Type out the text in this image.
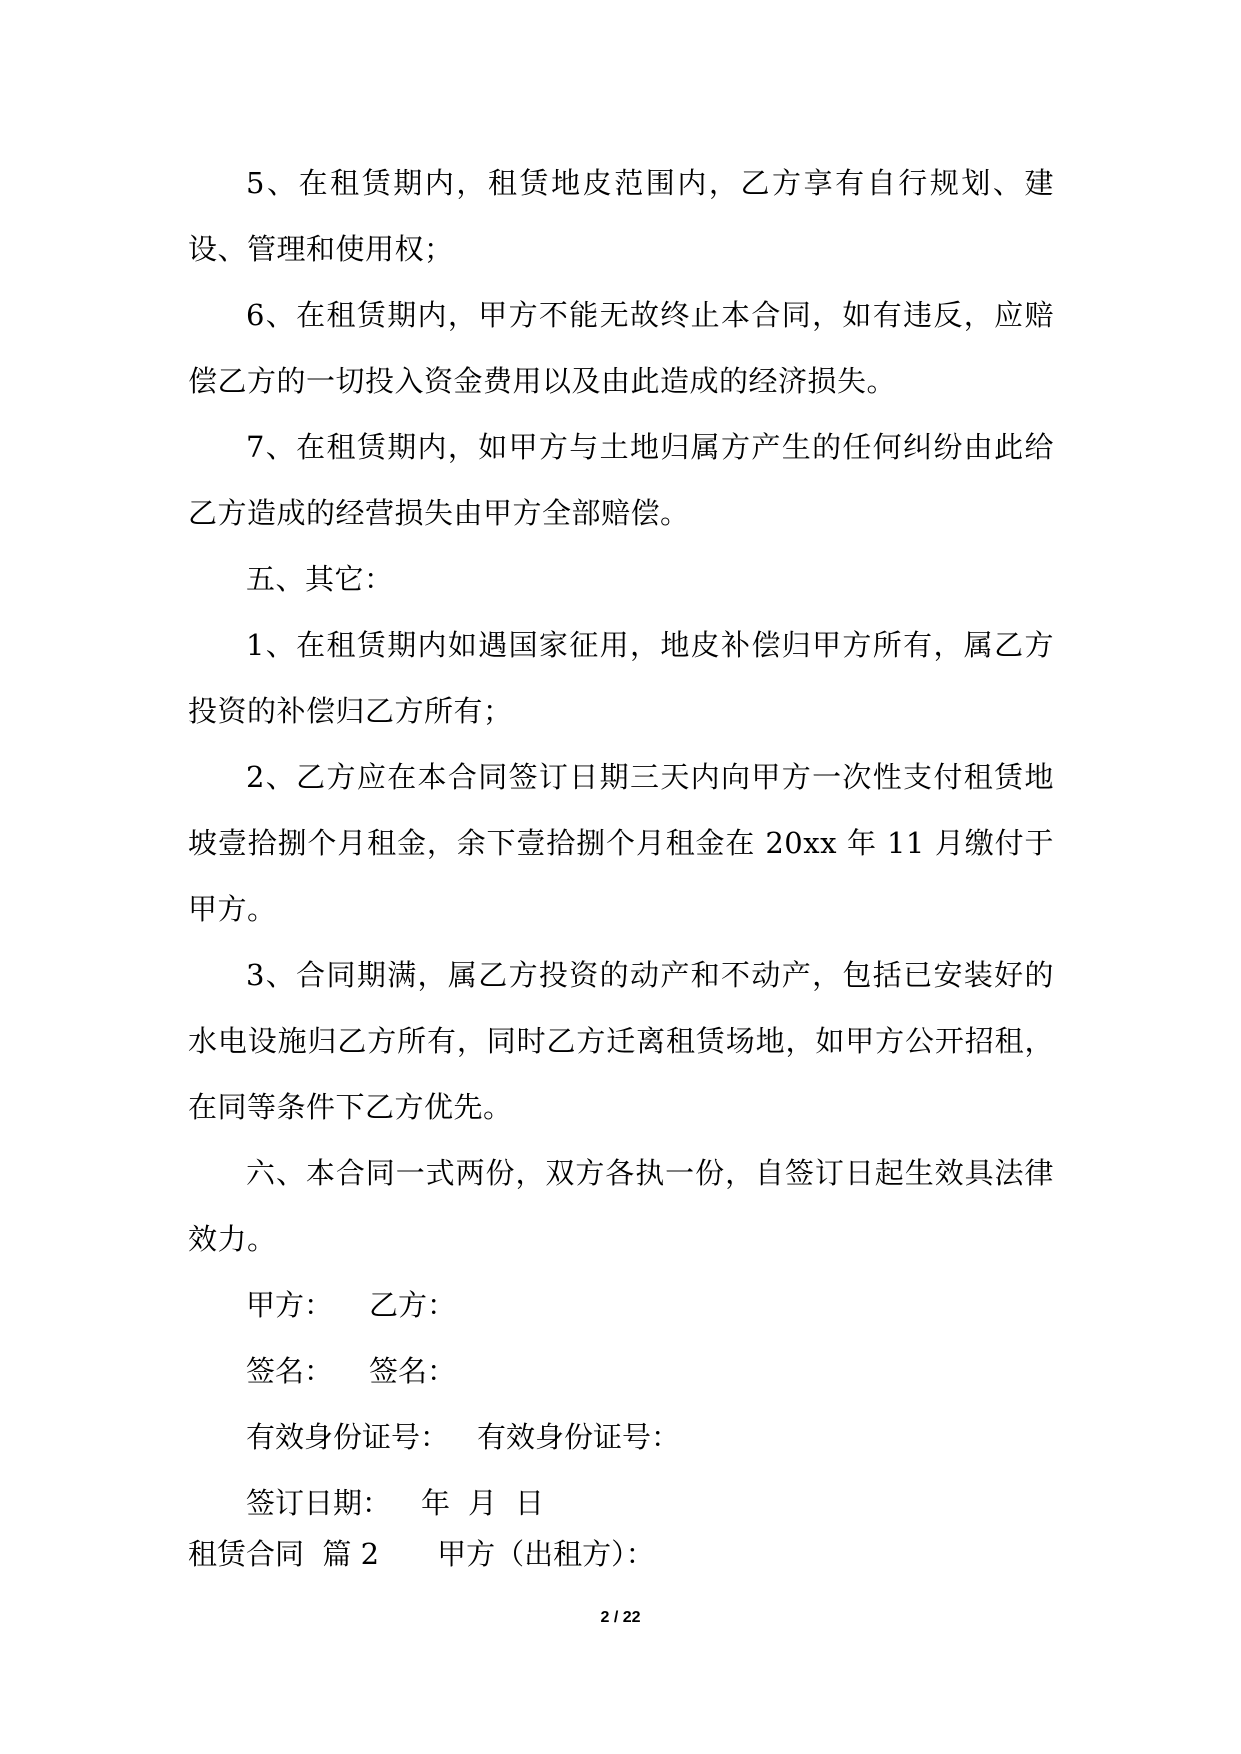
5、在租赁期内，租赁地皮范围内，乙方享有自行规划、建设、管理和使用权；

6、在租赁期内，甲方不能无故终止本合同，如有违反，应赔偿乙方的一切投入资金费用以及由此造成的经济损失。

7、在租赁期内，如甲方与土地归属方产生的任何纠纷由此给乙方造成的经营损失由甲方全部赔偿。

五、其它：

1、在租赁期内如遇国家征用，地皮补偿归甲方所有，属乙方投资的补偿归乙方所有；

2、乙方应在本合同签订日期三天内向甲方一次性支付租赁地坡壹拾捌个月租金，余下壹拾捌个月租金在 20xx 年 11 月缴付于甲方。

3、合同期满，属乙方投资的动产和不动产，包括已安装好的水电设施归乙方所有，同时乙方迁离租赁场地，如甲方公开招租，在同等条件下乙方优先。

六、本合同一式两份，双方各执一份，自签订日起生效具法律效力。

甲方： 乙方：
签名： 签名：
有效身份证号： 有效身份证号：
签订日期： 年 月 日
租赁合同  篇 2 甲方（出租方）：
2 / 22
